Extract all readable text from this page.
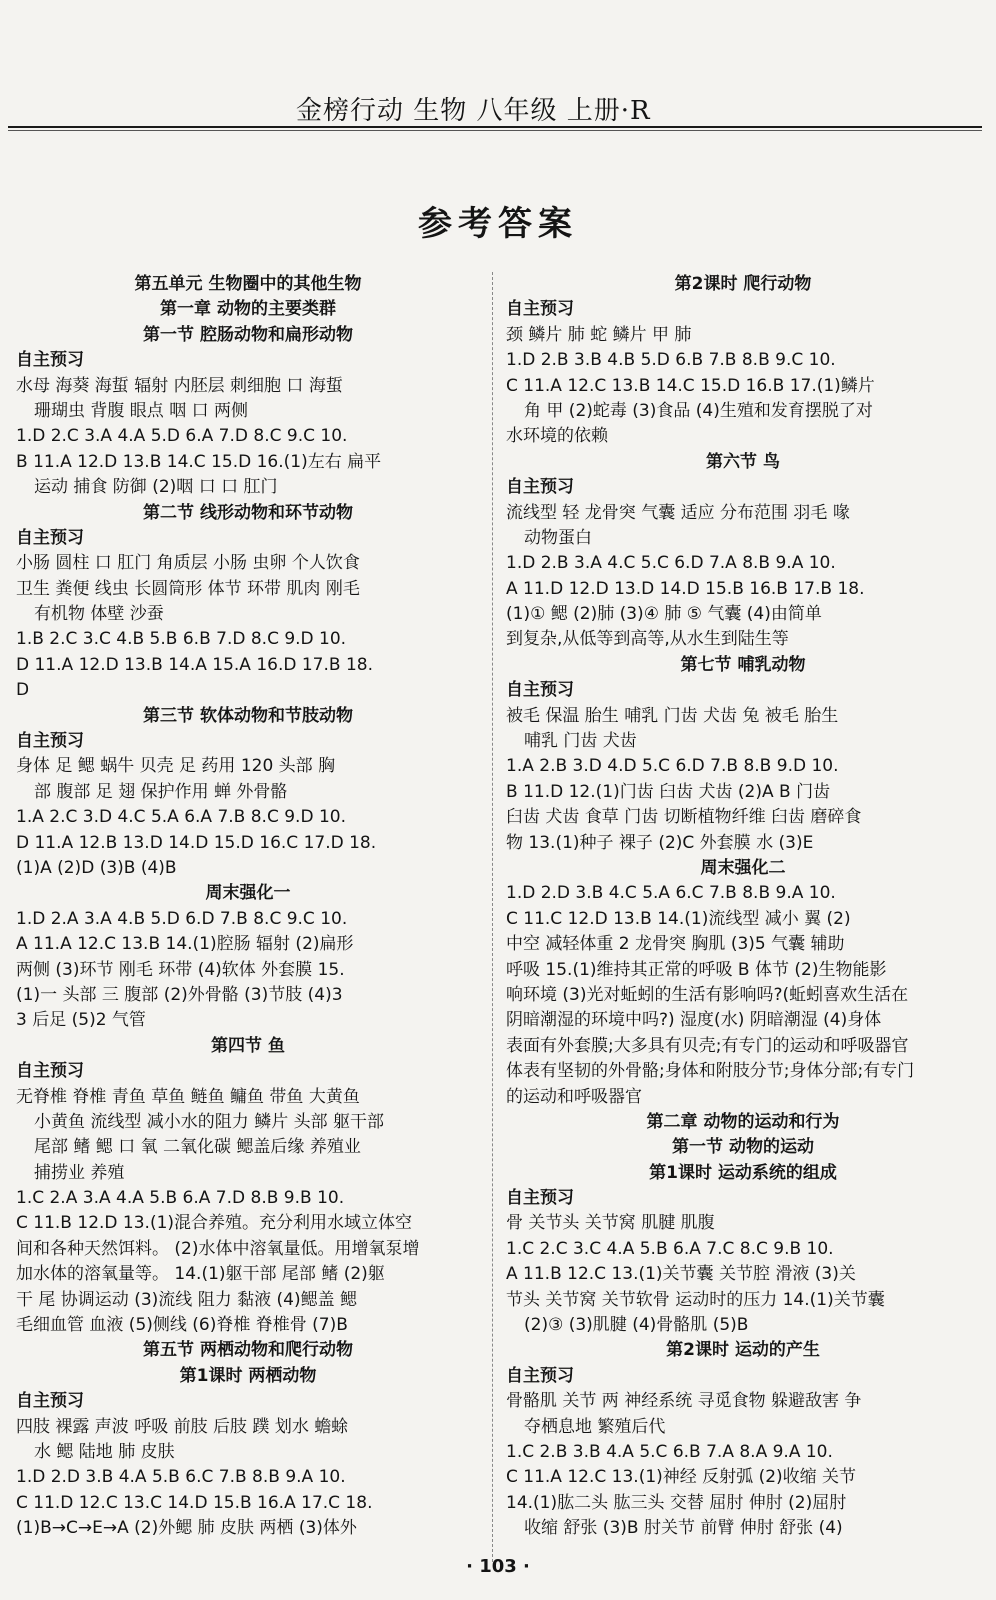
金榜行动 生物 八年级 上册·R
参考答案
第五单元 生物圈中的其他生物
第一章 动物的主要类群
第一节 腔肠动物和扁形动物
自主预习
水母 海葵 海蜇 辐射 内胚层 刺细胞 口 海蜇
珊瑚虫 背腹 眼点 咽 口 两侧
1.D 2.C 3.A 4.A 5.D 6.A 7.D 8.C 9.C 10.
B 11.A 12.D 13.B 14.C 15.D 16.(1)左右 扁平
运动 捕食 防御 (2)咽 口 口 肛门
第二节 线形动物和环节动物
自主预习
小肠 圆柱 口 肛门 角质层 小肠 虫卵 个人饮食
卫生 粪便 线虫 长圆筒形 体节 环带 肌肉 刚毛
有机物 体壁 沙蚕
1.B 2.C 3.C 4.B 5.B 6.B 7.D 8.C 9.D 10.
D 11.A 12.D 13.B 14.A 15.A 16.D 17.B 18.
D
第三节 软体动物和节肢动物
自主预习
身体 足 鳃 蜗牛 贝壳 足 药用 120 头部 胸
部 腹部 足 翅 保护作用 蝉 外骨骼
1.A 2.C 3.D 4.C 5.A 6.A 7.B 8.C 9.D 10.
D 11.A 12.B 13.D 14.D 15.D 16.C 17.D 18.
(1)A (2)D (3)B (4)B
周末强化一
1.D 2.A 3.A 4.B 5.D 6.D 7.B 8.C 9.C 10.
A 11.A 12.C 13.B 14.(1)腔肠 辐射 (2)扁形
两侧 (3)环节 刚毛 环带 (4)软体 外套膜 15.
(1)一 头部 三 腹部 (2)外骨骼 (3)节肢 (4)3
3 后足 (5)2 气管
第四节 鱼
自主预习
无脊椎 脊椎 青鱼 草鱼 鲢鱼 鳙鱼 带鱼 大黄鱼
小黄鱼 流线型 减小水的阻力 鳞片 头部 躯干部
尾部 鳍 鳃 口 氧 二氧化碳 鳃盖后缘 养殖业
捕捞业 养殖
1.C 2.A 3.A 4.A 5.B 6.A 7.D 8.B 9.B 10.
C 11.B 12.D 13.(1)混合养殖。充分利用水域立体空
间和各种天然饵料。 (2)水体中溶氧量低。用增氧泵增
加水体的溶氧量等。 14.(1)躯干部 尾部 鳍 (2)躯
干 尾 协调运动 (3)流线 阻力 黏液 (4)鳃盖 鳃
毛细血管 血液 (5)侧线 (6)脊椎 脊椎骨 (7)B
第五节 两栖动物和爬行动物
第1课时 两栖动物
自主预习
四肢 裸露 声波 呼吸 前肢 后肢 蹼 划水 蟾蜍
水 鳃 陆地 肺 皮肤
1.D 2.D 3.B 4.A 5.B 6.C 7.B 8.B 9.A 10.
C 11.D 12.C 13.C 14.D 15.B 16.A 17.C 18.
(1)B→C→E→A (2)外鳃 肺 皮肤 两栖 (3)体外
第2课时 爬行动物
自主预习
颈 鳞片 肺 蛇 鳞片 甲 肺
1.D 2.B 3.B 4.B 5.D 6.B 7.B 8.B 9.C 10.
C 11.A 12.C 13.B 14.C 15.D 16.B 17.(1)鳞片
角 甲 (2)蛇毒 (3)食品 (4)生殖和发育摆脱了对
水环境的依赖
第六节 鸟
自主预习
流线型 轻 龙骨突 气囊 适应 分布范围 羽毛 喙
动物蛋白
1.D 2.B 3.A 4.C 5.C 6.D 7.A 8.B 9.A 10.
A 11.D 12.D 13.D 14.D 15.B 16.B 17.B 18.
(1)① 鳃 (2)肺 (3)④ 肺 ⑤ 气囊 (4)由简单
到复杂,从低等到高等,从水生到陆生等
第七节 哺乳动物
自主预习
被毛 保温 胎生 哺乳 门齿 犬齿 兔 被毛 胎生
哺乳 门齿 犬齿
1.A 2.B 3.D 4.D 5.C 6.D 7.B 8.B 9.D 10.
B 11.D 12.(1)门齿 臼齿 犬齿 (2)A B 门齿
臼齿 犬齿 食草 门齿 切断植物纤维 臼齿 磨碎食
物 13.(1)种子 裸子 (2)C 外套膜 水 (3)E
周末强化二
1.D 2.D 3.B 4.C 5.A 6.C 7.B 8.B 9.A 10.
C 11.C 12.D 13.B 14.(1)流线型 减小 翼 (2)
中空 减轻体重 2 龙骨突 胸肌 (3)5 气囊 辅助
呼吸 15.(1)维持其正常的呼吸 B 体节 (2)生物能影
响环境 (3)光对蚯蚓的生活有影响吗?(蚯蚓喜欢生活在
阴暗潮湿的环境中吗?) 湿度(水) 阴暗潮湿 (4)身体
表面有外套膜;大多具有贝壳;有专门的运动和呼吸器官
体表有坚韧的外骨骼;身体和附肢分节;身体分部;有专门
的运动和呼吸器官
第二章 动物的运动和行为
第一节 动物的运动
第1课时 运动系统的组成
自主预习
骨 关节头 关节窝 肌腱 肌腹
1.C 2.C 3.C 4.A 5.B 6.A 7.C 8.C 9.B 10.
A 11.B 12.C 13.(1)关节囊 关节腔 滑液 (3)关
节头 关节窝 关节软骨 运动时的压力 14.(1)关节囊
(2)③ (3)肌腱 (4)骨骼肌 (5)B
第2课时 运动的产生
自主预习
骨骼肌 关节 两 神经系统 寻觅食物 躲避敌害 争
夺栖息地 繁殖后代
1.C 2.B 3.B 4.A 5.C 6.B 7.A 8.A 9.A 10.
C 11.A 12.C 13.(1)神经 反射弧 (2)收缩 关节
14.(1)肱二头 肱三头 交替 屈肘 伸肘 (2)屈肘
收缩 舒张 (3)B 肘关节 前臂 伸肘 舒张 (4)
· 103 ·
